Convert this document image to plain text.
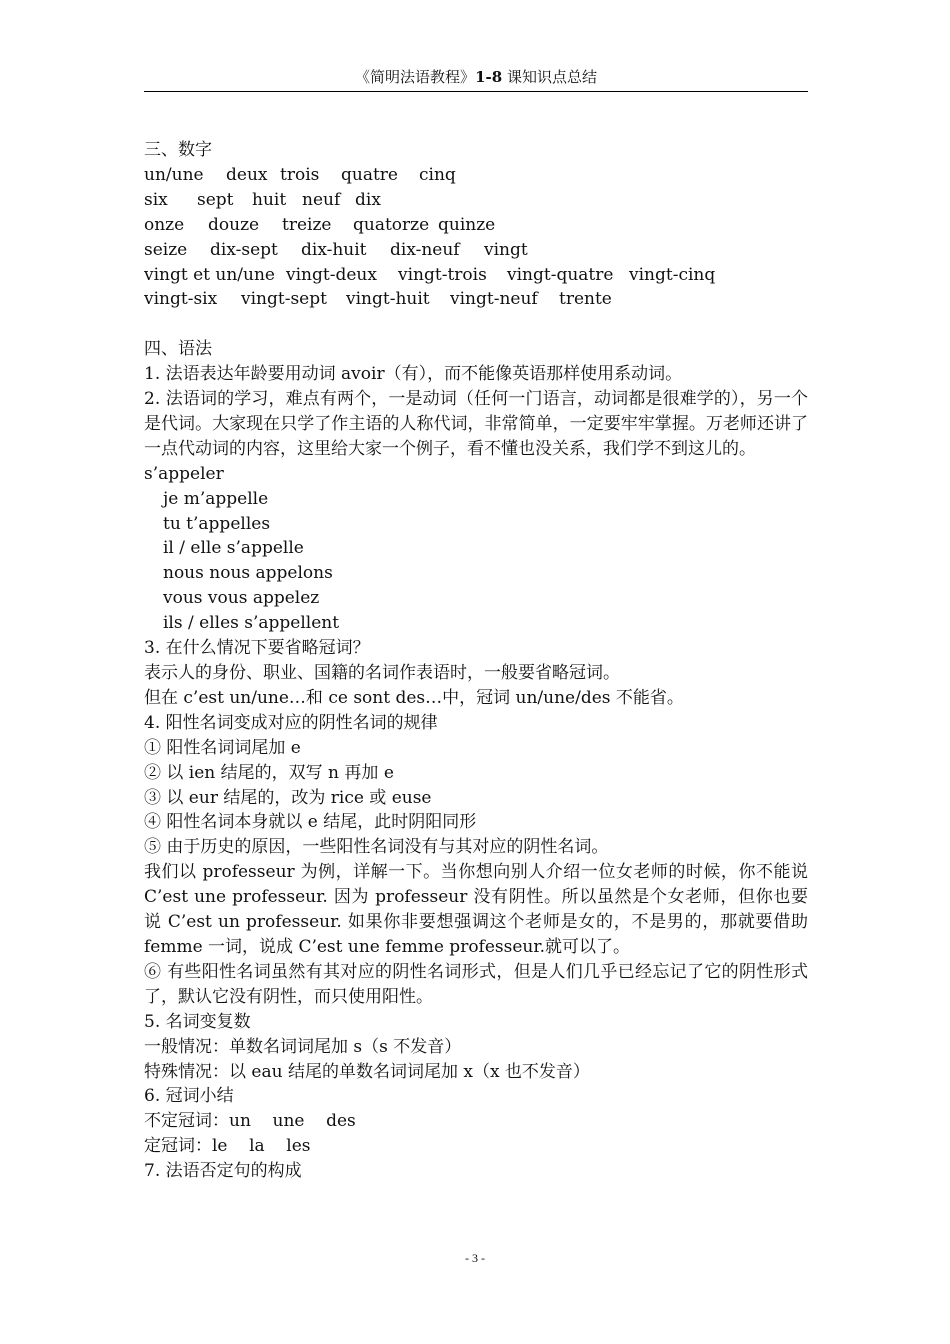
《简明法语教程》1-8 课知识点总结
三、数字
un/une deux trois quatre cinq
six sept huit neuf dix
onze douze treize quatorze quinze
seize dix-sept dix-huit dix-neuf vingt
vingt et un/une vingt-deux vingt-trois vingt-quatre vingt-cinq
vingt-six vingt-sept vingt-huit vingt-neuf trente
四、语法
1. 法语表达年龄要用动词 avoir（有），而不能像英语那样使用系动词。
2. 法语词的学习，难点有两个，一是动词（任何一门语言，动词都是很难学的），另一个是代词。大家现在只学了作主语的人称代词，非常简单，一定要牢牢掌握。万老师还讲了一点代动词的内容，这里给大家一个例子，看不懂也没关系，我们学不到这儿的。
s’appeler
je m’appelle
tu t’appelles
il / elle s’appelle
nous nous appelons
vous vous appelez
ils / elles s’appellent
3. 在什么情况下要省略冠词？
表示人的身份、职业、国籍的名词作表语时，一般要省略冠词。
但在 c’est un/une…和 ce sont des…中，冠词 un/une/des 不能省。
4. 阳性名词变成对应的阴性名词的规律
① 阳性名词词尾加 e
② 以 ien 结尾的，双写 n 再加 e
③ 以 eur 结尾的，改为 rice 或 euse
④ 阳性名词本身就以 e 结尾，此时阴阳同形
⑤ 由于历史的原因，一些阳性名词没有与其对应的阴性名词。
我们以 professeur 为例，详解一下。当你想向别人介绍一位女老师的时候，你不能说 C’est une professeur. 因为 professeur 没有阴性。所以虽然是个女老师，但你也要说 C’est un professeur. 如果你非要想强调这个老师是女的，不是男的，那就要借助 femme 一词，说成 C’est une femme professeur.就可以了。
⑥ 有些阳性名词虽然有其对应的阴性名词形式，但是人们几乎已经忘记了它的阴性形式了，默认它没有阴性，而只使用阳性。
5. 名词变复数
一般情况：单数名词词尾加 s（s 不发音）
特殊情况：以 eau 结尾的单数名词词尾加 x（x 也不发音）
6. 冠词小结
不定冠词：un    une    des
定冠词：le    la    les
7. 法语否定句的构成
- 3 -
